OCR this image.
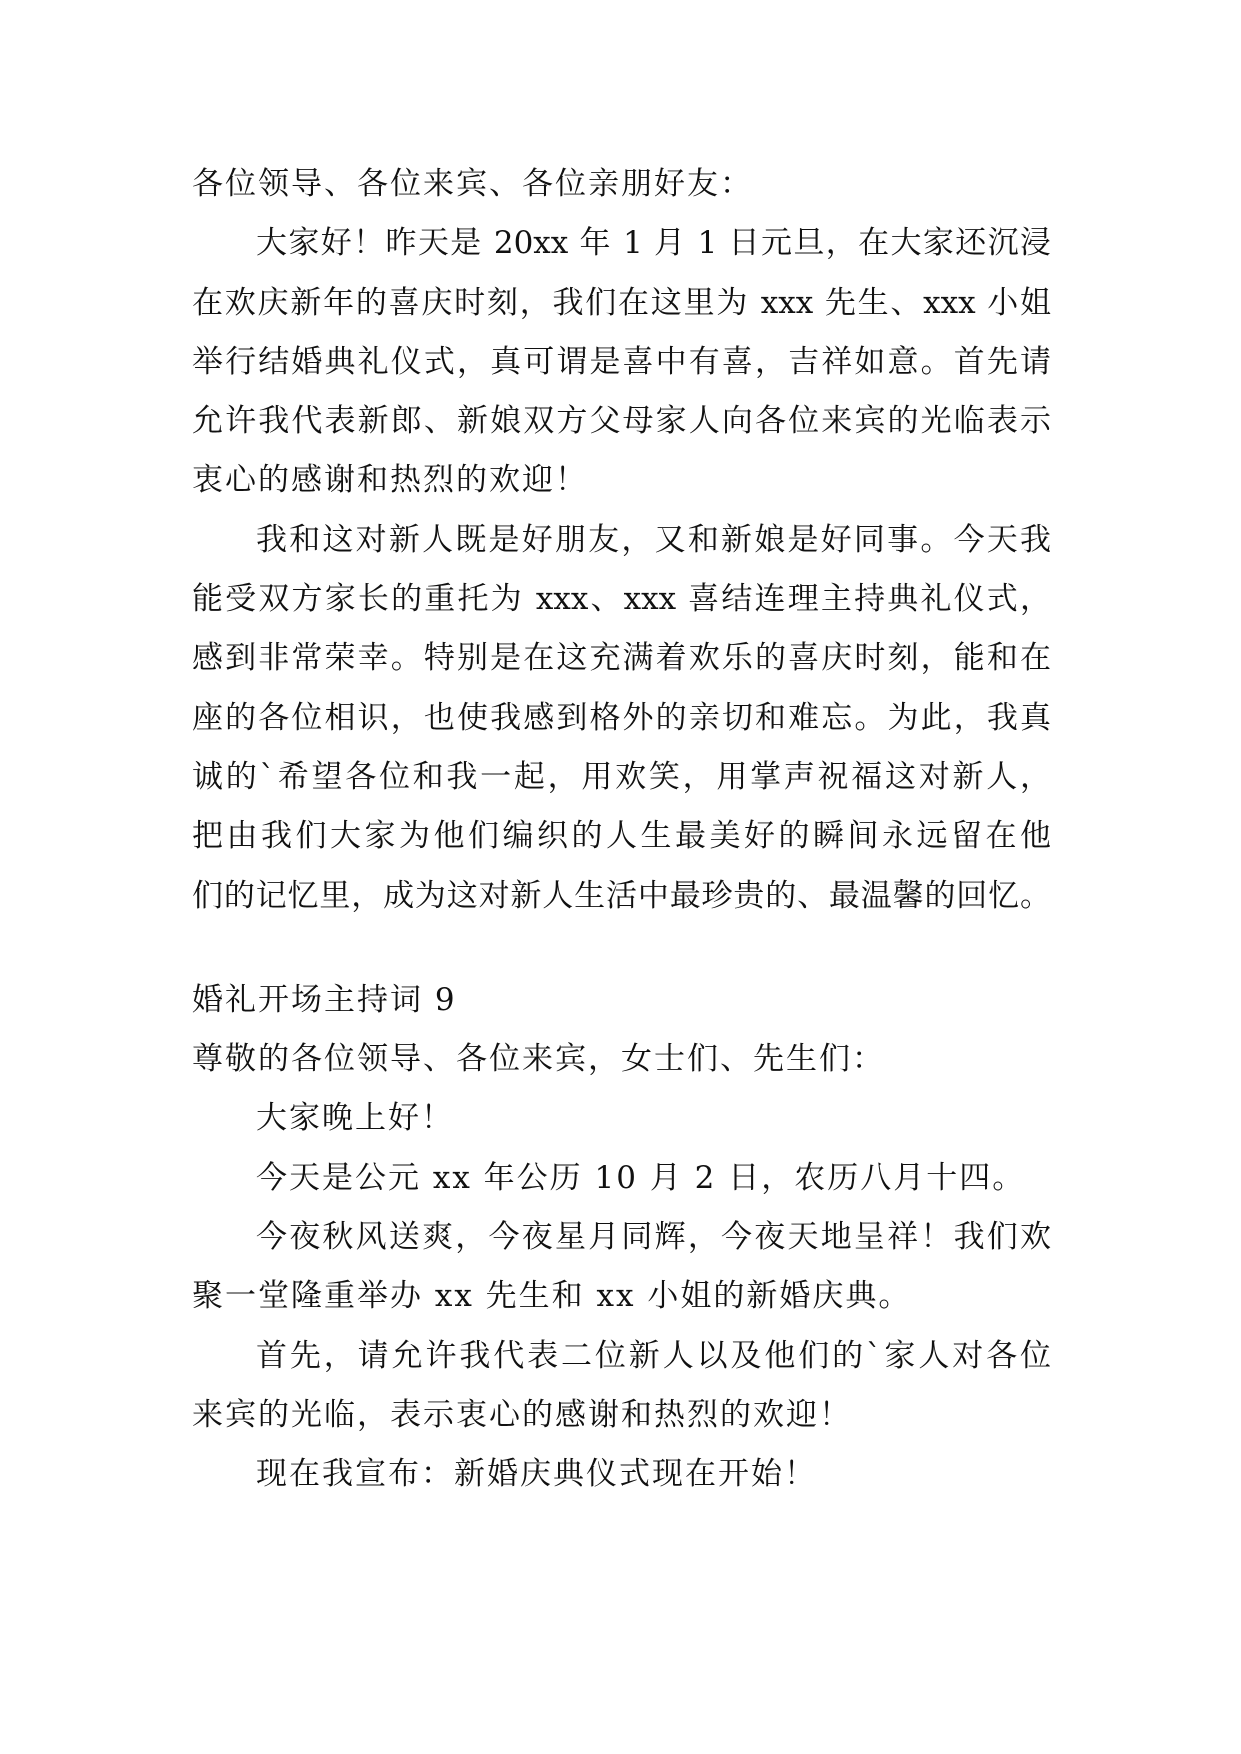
各位领导、各位来宾、各位亲朋好友：
大家好！昨天是 20xx 年 1 月 1 日元旦，在大家还沉浸
在欢庆新年的喜庆时刻，我们在这里为 xxx 先生、xxx 小姐
举行结婚典礼仪式，真可谓是喜中有喜，吉祥如意。首先请
允许我代表新郎、新娘双方父母家人向各位来宾的光临表示
衷心的感谢和热烈的欢迎！
我和这对新人既是好朋友，又和新娘是好同事。今天我
能受双方家长的重托为 xxx、xxx 喜结连理主持典礼仪式，
感到非常荣幸。特别是在这充满着欢乐的喜庆时刻，能和在
座的各位相识，也使我感到格外的亲切和难忘。为此，我真
诚的`希望各位和我一起，用欢笑，用掌声祝福这对新人，
把由我们大家为他们编织的人生最美好的瞬间永远留在他
们的记忆里，成为这对新人生活中最珍贵的、最温馨的回忆。
婚礼开场主持词 9
尊敬的各位领导、各位来宾，女士们、先生们：
大家晚上好！
今天是公元 xx 年公历 10 月 2 日，农历八月十四。
今夜秋风送爽，今夜星月同辉，今夜天地呈祥！我们欢
聚一堂隆重举办 xx 先生和 xx 小姐的新婚庆典。
首先，请允许我代表二位新人以及他们的`家人对各位
来宾的光临，表示衷心的感谢和热烈的欢迎！
现在我宣布：新婚庆典仪式现在开始！
